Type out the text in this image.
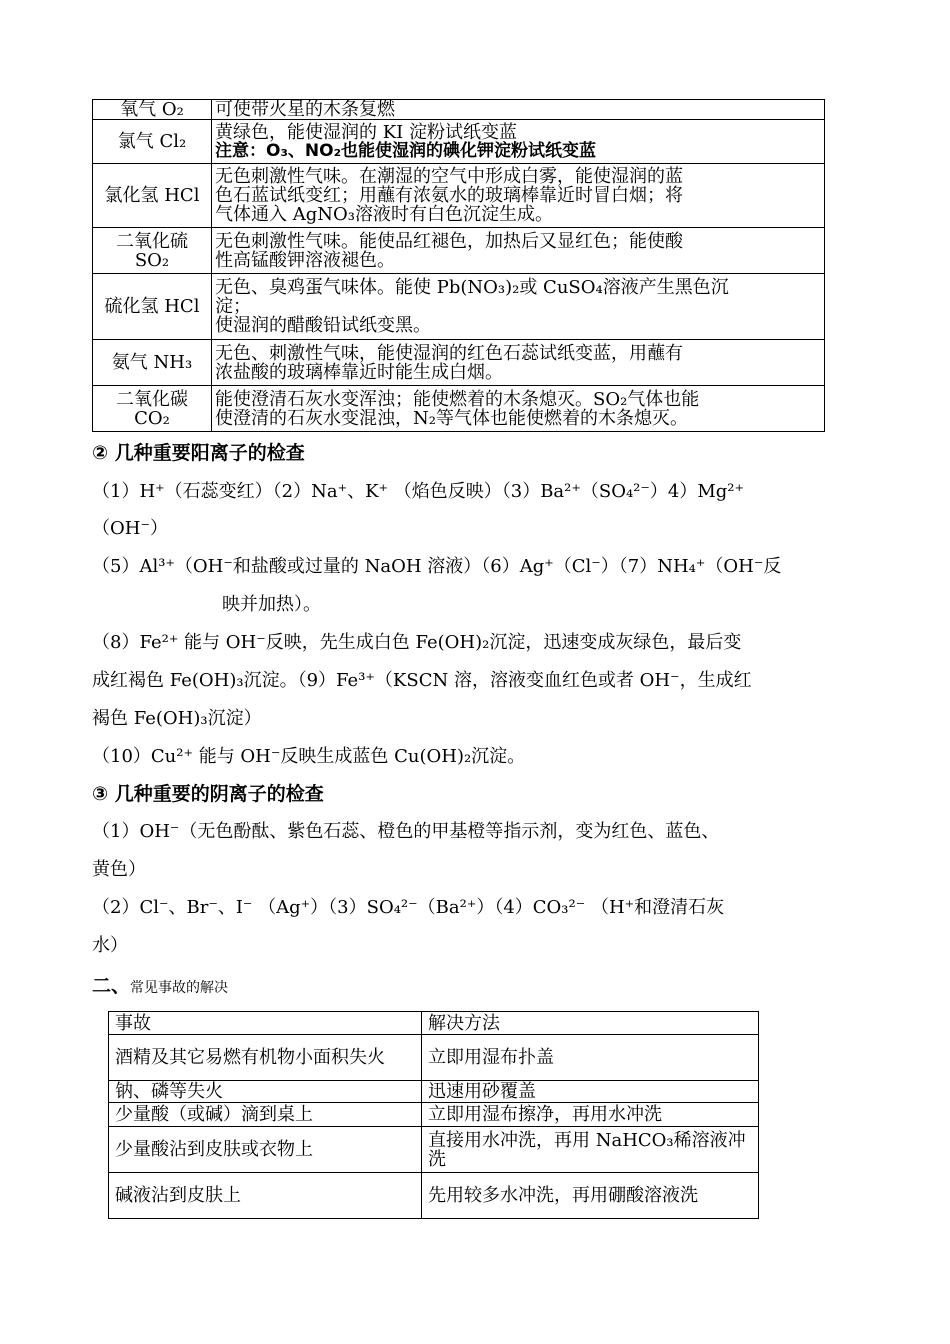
氧气 O₂	可使带火星的木条复燃

氯气 Cl₂	黄绿色，能使湿润的 KI 淀粉试纸变蓝
注意：O₃、NO₂也能使湿润的碘化钾淀粉试纸变蓝

氯化氢 HCl	无色刺激性气味。在潮湿的空气中形成白雾，能使湿润的蓝
色石蓝试纸变红；用蘸有浓氨水的玻璃棒靠近时冒白烟；将
气体通入 AgNO₃溶液时有白色沉淀生成。

二氧化硫 SO₂	无色刺激性气味。能使品红褪色，加热后又显红色；能使酸
性高锰酸钾溶液褪色。

硫化氢 HCl	无色、臭鸡蛋气味体。能使 Pb(NO₃)₂或 CuSO₄溶液产生黑色沉
淀；
使湿润的醋酸铅试纸变黑。

氨气 NH₃	无色、刺激性气味，能使湿润的红色石蕊试纸变蓝，用蘸有
浓盐酸的玻璃棒靠近时能生成白烟。

二氧化碳 CO₂	能使澄清石灰水变浑浊；能使燃着的木条熄灭。SO₂气体也能
使澄清的石灰水变混浊，N₂等气体也能使燃着的木条熄灭。
② 几种重要阳离子的检查
（1）H⁺（石蕊变红）（2）Na⁺、K⁺ （焰色反映）（3）Ba²⁺（SO₄²⁻）4）Mg²⁺
（OH⁻）
（5）Al³⁺（OH⁻和盐酸或过量的 NaOH 溶液）（6）Ag⁺（Cl⁻）（7）NH₄⁺（OH⁻反
映并加热）。
（8）Fe²⁺ 能与 OH⁻反映，先生成白色 Fe(OH)₂沉淀，迅速变成灰绿色，最后变
成红褐色 Fe(OH)₃沉淀。（9）Fe³⁺（KSCN 溶，溶液变血红色或者 OH⁻，生成红
褐色 Fe(OH)₃沉淀）
（10）Cu²⁺ 能与 OH⁻反映生成蓝色 Cu(OH)₂沉淀。
③ 几种重要的阴离子的检查
（1）OH⁻（无色酚酞、紫色石蕊、橙色的甲基橙等指示剂，变为红色、蓝色、
黄色）
（2）Cl⁻、Br⁻、I⁻ （Ag⁺）（3）SO₄²⁻（Ba²⁺）（4）CO₃²⁻ （H⁺和澄清石灰
水）
二、常见事故的解决
事故	解决方法
酒精及其它易燃有机物小面积失火	立即用湿布扑盖
钠、磷等失火	迅速用砂覆盖
少量酸（或碱）滴到桌上	立即用湿布擦净，再用水冲洗
少量酸沾到皮肤或衣物上	直接用水冲洗，再用 NaHCO₃稀溶液冲洗
碱液沾到皮肤上	先用较多水冲洗，再用硼酸溶液洗
